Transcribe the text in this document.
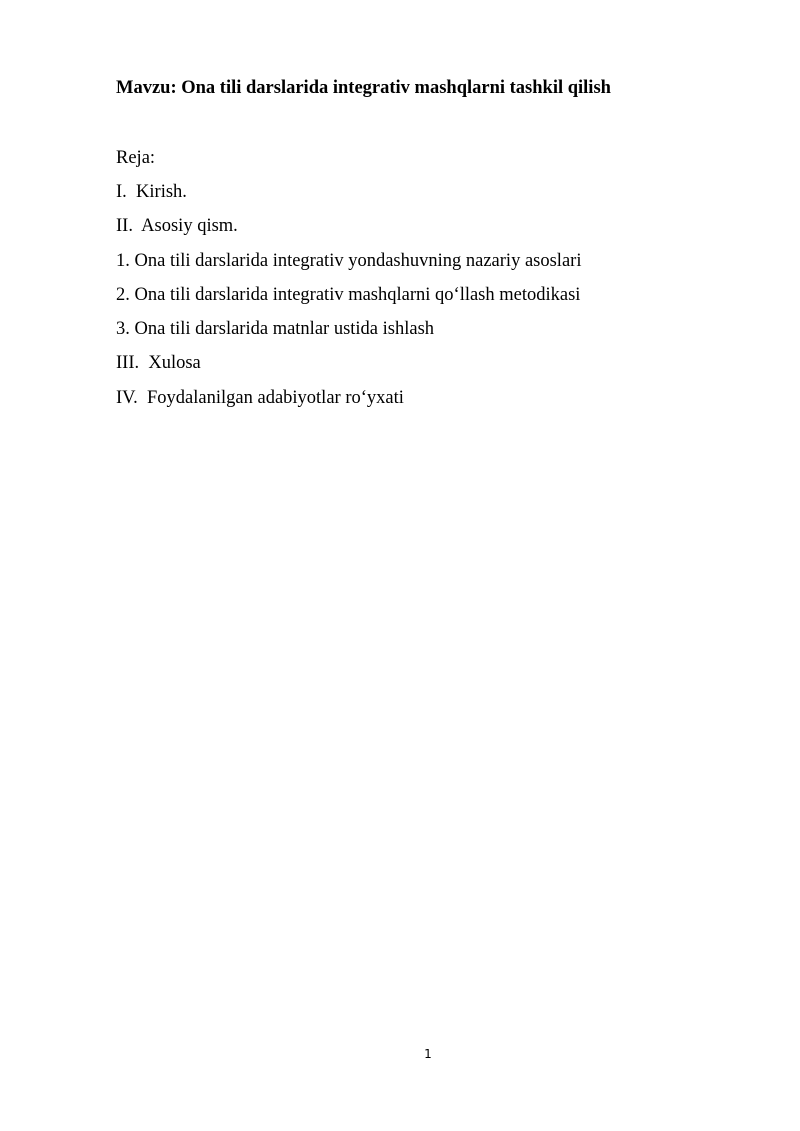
Mavzu: Ona tili darslarida integrativ mashqlarni tashkil qilish
Reja:
I.  Kirish.
II.  Asosiy qism.
1. Ona tili darslarida integrativ yondashuvning nazariy asoslari
2. Ona tili darslarida integrativ mashqlarni qo‘llash metodikasi
3. Ona tili darslarida matnlar ustida ishlash
III.  Xulosa
IV.  Foydalanilgan adabiyotlar ro‘yxati
1
